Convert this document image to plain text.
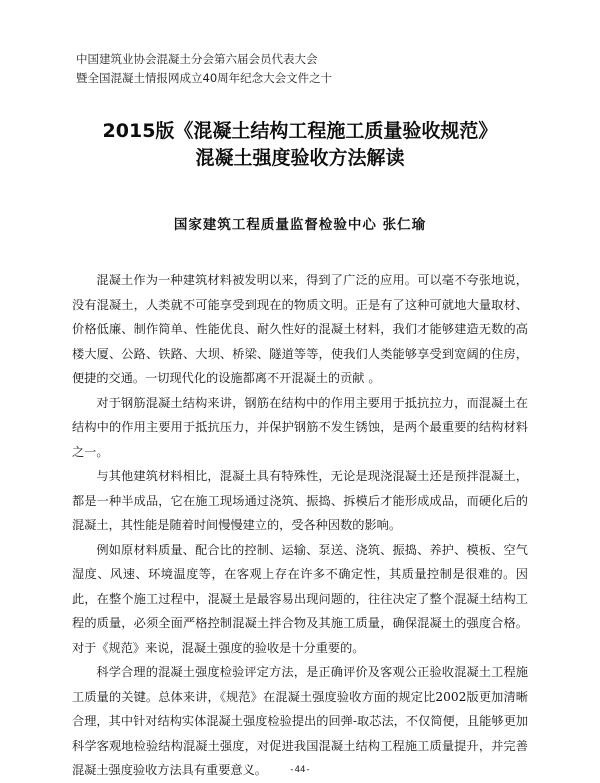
中国建筑业协会混凝土分会第六届会员代表大会
暨全国混凝土情报网成立40周年纪念大会文件之十
2015版《混凝土结构工程施工质量验收规范》
混凝土强度验收方法解读
国家建筑工程质量监督检验中心 张仁瑜

混凝土作为一种建筑材料被发明以来，得到了广泛的应用。可以毫不夸张地说，没有混凝土，人类就不可能享受到现在的物质文明。正是有了这种可就地大量取材、价格低廉、制作简单、性能优良、耐久性好的混凝土材料，我们才能够建造无数的高楼大厦、公路、铁路、大坝、桥梁、隧道等等，使我们人类能够享受到宽阔的住房，便捷的交通。一切现代化的设施都离不开混凝土的贡献 。

对于钢筋混凝土结构来讲，钢筋在结构中的作用主要用于抵抗拉力，而混凝土在结构中的作用主要用于抵抗压力，并保护钢筋不发生锈蚀，是两个最重要的结构材料之一。

与其他建筑材料相比，混凝土具有特殊性，无论是现浇混凝土还是预拌混凝土，都是一种半成品，它在施工现场通过浇筑、振捣、拆模后才能形成成品，而硬化后的混凝土，其性能是随着时间慢慢建立的，受各种因数的影响。

例如原材料质量、配合比的控制、运输、泵送、浇筑、振捣、养护、模板、空气湿度、风速、环境温度等，在客观上存在许多不确定性，其质量控制是很难的。因此，在整个施工过程中，混凝土是最容易出现问题的，往往决定了整个混凝土结构工程的质量，必须全面严格控制混凝土拌合物及其施工质量，确保混凝土的强度合格。对于《规范》来说，混凝土强度的验收是十分重要的。

科学合理的混凝土强度检验评定方法，是正确评价及客观公正验收混凝土工程施工质量的关键。总体来讲，《规范》在混凝土强度验收方面的规定比2002版更加清晰合理，其中针对结构实体混凝土强度检验提出的回弹-取芯法，不仅简便，且能够更加科学客观地检验结构混凝土强度，对促进我国混凝土结构工程施工质量提升，并完善混凝土强度验收方法具有重要意义。	-44-
